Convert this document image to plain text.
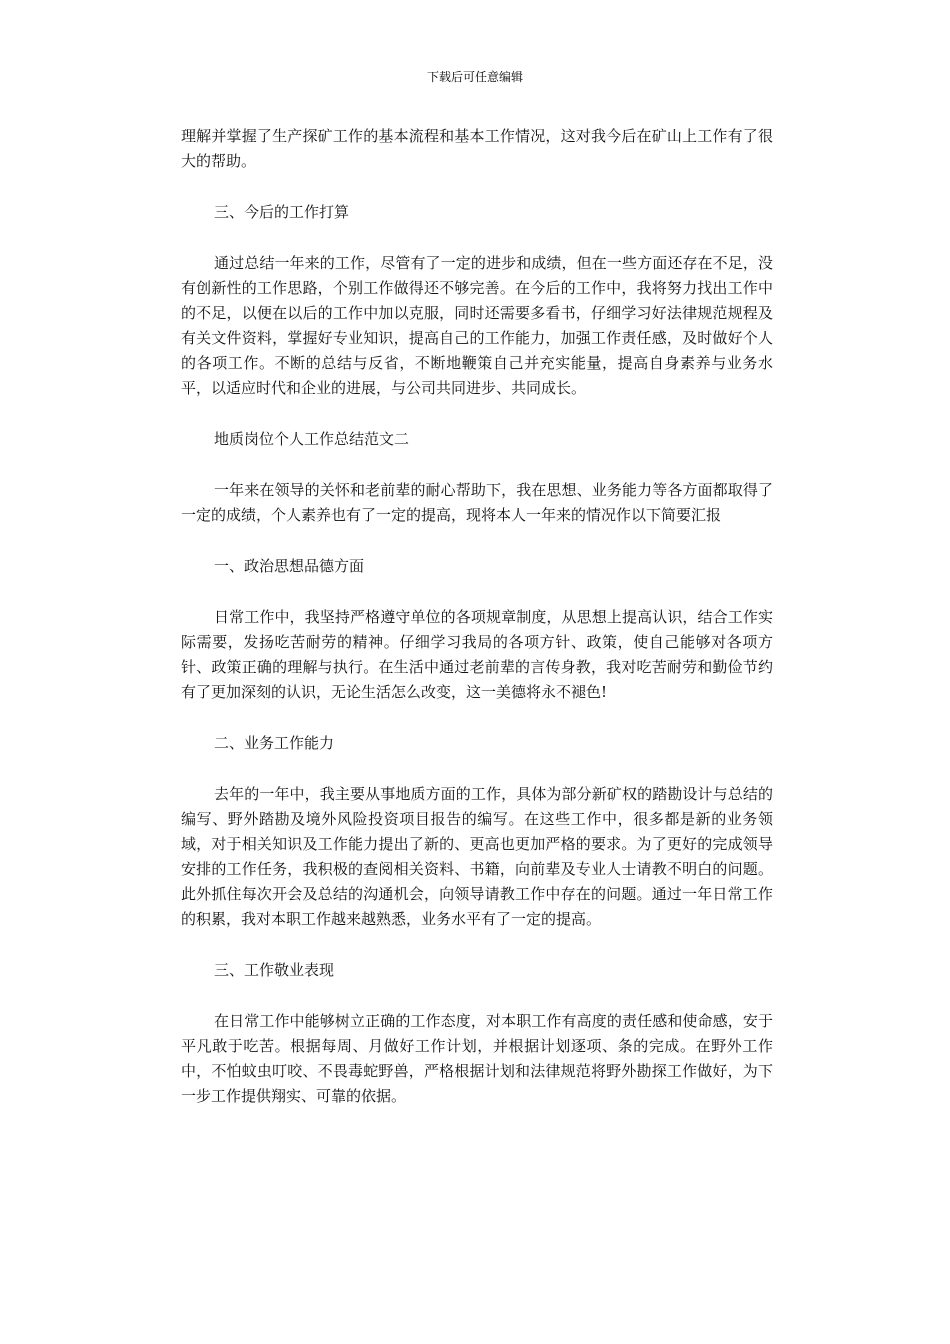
下载后可任意编辑

理解并掌握了生产探矿工作的基本流程和基本工作情况，这对我今后在矿山上工作有了很大的帮助。

三、今后的工作打算

通过总结一年来的工作，尽管有了一定的进步和成绩，但在一些方面还存在不足，没有创新性的工作思路，个别工作做得还不够完善。在今后的工作中，我将努力找出工作中的不足，以便在以后的工作中加以克服，同时还需要多看书，仔细学习好法律规范规程及有关文件资料，掌握好专业知识，提高自己的工作能力，加强工作责任感，及时做好个人的各项工作。不断的总结与反省，不断地鞭策自己并充实能量，提高自身素养与业务水平，以适应时代和企业的进展，与公司共同进步、共同成长。

地质岗位个人工作总结范文二

一年来在领导的关怀和老前辈的耐心帮助下，我在思想、业务能力等各方面都取得了一定的成绩，个人素养也有了一定的提高，现将本人一年来的情况作以下简要汇报

一、政治思想品德方面

日常工作中，我坚持严格遵守单位的各项规章制度，从思想上提高认识，结合工作实际需要，发扬吃苦耐劳的精神。仔细学习我局的各项方针、政策，使自己能够对各项方针、政策正确的理解与执行。在生活中通过老前辈的言传身教，我对吃苦耐劳和勤俭节约有了更加深刻的认识，无论生活怎么改变，这一美德将永不褪色!

二、业务工作能力

去年的一年中，我主要从事地质方面的工作，具体为部分新矿权的踏勘设计与总结的编写、野外踏勘及境外风险投资项目报告的编写。在这些工作中，很多都是新的业务领域，对于相关知识及工作能力提出了新的、更高也更加严格的要求。为了更好的完成领导安排的工作任务，我积极的查阅相关资料、书籍，向前辈及专业人士请教不明白的问题。此外抓住每次开会及总结的沟通机会，向领导请教工作中存在的问题。通过一年日常工作的积累，我对本职工作越来越熟悉，业务水平有了一定的提高。

三、工作敬业表现

在日常工作中能够树立正确的工作态度，对本职工作有高度的责任感和使命感，安于平凡敢于吃苦。根据每周、月做好工作计划，并根据计划逐项、条的完成。在野外工作中，不怕蚊虫叮咬、不畏毒蛇野兽，严格根据计划和法律规范将野外勘探工作做好，为下一步工作提供翔实、可靠的依据。
